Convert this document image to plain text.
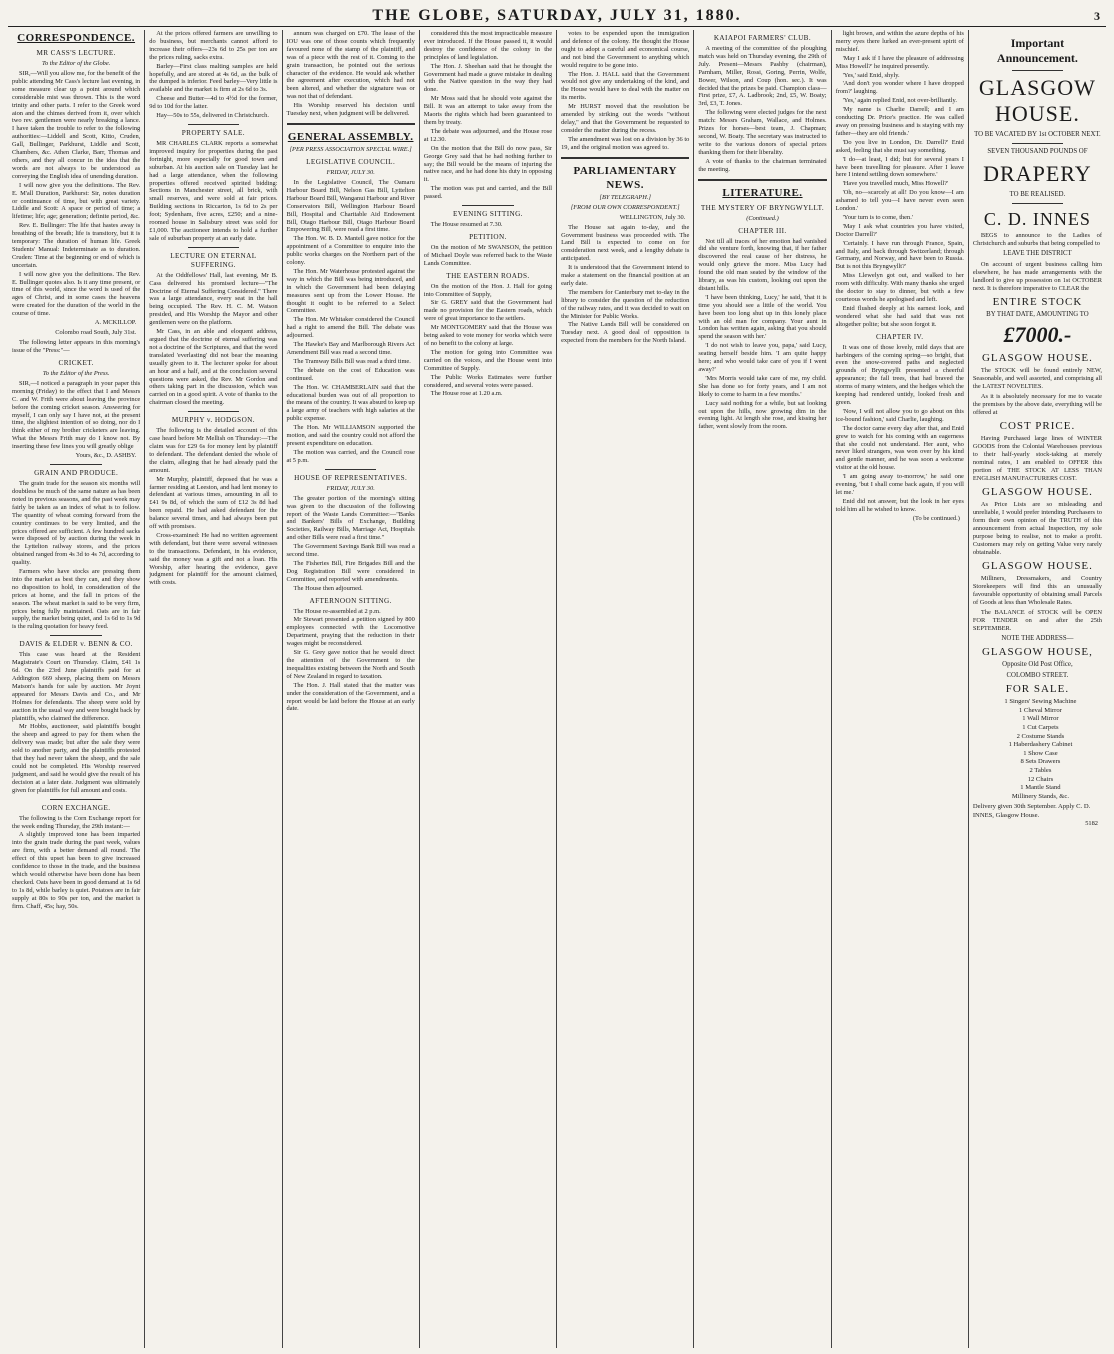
THE GLOBE, SATURDAY, JULY 31, 1880.	3
CORRESPONDENCE.
MR CASS'S LECTURE.
To the Editor of the Globe.

SIR,—Will you allow me, for the benefit of the public attending Mr Cass's lecture last evening, in some measure clear up a point around which considerable mist was thrown. This is the word trinity and other parts. I refer to the Greek word aion and the chimes derived from it, over which two rev. gentlemen were nearly breaking a lance. I have taken the trouble to refer to the following authorities:—Liddell and Scott, Kitto, Cruden, Gall, Bullinger, Parkhurst, Liddle and Scott, Chambers, &c. Athen Clarke, Barr, Thomas and others, and they all concur in the idea that the words are not always to be understood as conveying the English idea of unending duration.

I will now give you the definitions. The Rev. E. M'all Duration, Parkhurst: Sir, notes duration or continuance of time, but with great variety. Liddle and Scott: A space or period of time; a lifetime; life; age; generation; definite period, &c.

Rev. E. Bullinger: The life that hastes away is breathing of the breath; life is transitory, but it is temporary: The duration of human life. Greek Students' Manual: Indeterminate as to duration. Cruden: Time at the beginning or end of which is uncertain.

I will now give you the definitions. The Rev. E. Bullinger quotes also. Is it any time present, or time of this world, since the word is used of the ages of Christ, and in some cases the heavens were created for the duration of the world in the course of time.

A. MCKILLOP.
Colombo road South, July 31st.

The following letter appears in this morning's issue of the "Press:"—

CRICKET.
To the Editor of the Press.

SIR,—I noticed a paragraph in your paper this morning (Friday) to the effect that I and Messrs C. and W. Frith were about leaving the province before the coming cricket season. Answering for myself, I can only say I have not, at the present time, the slightest intention of so doing, nor do I think either of my brother cricketers are leaving. What the Messrs Frith may do I know not. By inserting these few lines you will greatly oblige

Yours, &c., D. ASHBY.
GRAIN AND PRODUCE.

The grain trade for the season six months will doubtless be much of the same nature as has been noted in previous seasons, and the past week may fairly be taken as an index of what is to follow. The quantity of wheat coming forward from the country continues to be very limited, and the prices offered are sufficient. A few hundred sacks were disposed of by auction during the week in the Lyttelton railway stores, and the prices obtained ranged from 4s 3d to 4s 7d, according to quality.

Farmers who have stocks are pressing them into the market as best they can, and they show no disposition to hold, in consideration of the prices at home, and the fall in prices of the season. The wheat market is said to be very firm, prices being fully maintained. Oats are in fair supply, the market being quiet, and 1s 6d to 1s 9d is the ruling quotation for heavy feed.

DAVIS & ELDER v. BENN & CO.

This case was heard at the Resident Magistrate's Court on Thursday. Claim, £41 1s 6d. On the 23rd June plaintiffs paid for at Addington 669 sheep, placing them on Messrs Matson's hands for sale by auction. Mr Joynt appeared for Messrs Davis and Co., and Mr Holmes for defendants. The sheep were sold by auction in the usual way and were bought back by plaintiffs, who claimed the difference.

Mr Hobbs, auctioneer, said plaintiffs bought the sheep and agreed to pay for them when the delivery was made; but after the sale they were sold to another party, and the plaintiffs protested that they had never taken the sheep, and the sale could not be completed. His Worship reserved judgment, and said he would give the result of his decision at a later date. Judgment was ultimately given for plaintiffs for full amount and costs.

CORN EXCHANGE.

The following is the Corn Exchange report for the week ending Thursday, the 29th instant:—

A slightly improved tone has been imparted into the grain trade during the past week, values are firm, with a better demand all round. The effect of this upset has been to give increased confidence to those in the trade, and the business which would otherwise have been done has been checked. Oats have been in good demand at 1s 6d to 1s 8d, while barley is quiet. Potatoes are in fair supply at 80s to 90s per ton, and the market is firm. Chaff, 45s; hay, 50s.

At the prices offered farmers are unwilling to do business, but merchants cannot afford to increase their offers—23s 6d to 25s per ton are the prices ruling, sacks extra.

Barley—First class malting samples are held hopefully, and are stored at 4s 6d, as the bulk of the dumped is inferior. Feed barley—Very little is available and the market is firm at 2s 6d to 3s.

Cheese and Butter—4d to 4½d for the former, 9d to 10d for the latter.

Hay—50s to 55s, delivered in Christchurch.

PROPERTY SALE.

MR CHARLES CLARK reports a somewhat improved inquiry for properties during the past fortnight, more especially for good town and suburban. At his auction sale on Tuesday last he had a large attendance, when the following properties offered received spirited bidding: Sections in Manchester street, all brick, with small reserves, and were sold at fair prices. Building sections in Riccarton, 1s 6d to 2s per foot; Sydenham, five acres, £250; and a nine-roomed house in Salisbury street was sold for £1,000. The auctioneer intends to hold a further sale of suburban property at an early date.

LECTURE ON ETERNAL SUFFERING.

At the Oddfellows' Hall, last evening, Mr B. Cass delivered his promised lecture—"The Doctrine of Eternal Suffering Considered." There was a large attendance, every seat in the hall being occupied. The Rev. H. C. M. Watson presided, and His Worship the Mayor and other gentlemen were on the platform.

Mr Cass, in an able and eloquent address, argued that the doctrine of eternal suffering was not a doctrine of the Scriptures, and that the word translated 'everlasting' did not bear the meaning usually given to it. The lecturer spoke for about an hour and a half, and at the conclusion several questions were asked, the Rev. Mr Gordon and others taking part in the discussion, which was carried on in a good spirit. A vote of thanks to the chairman closed the meeting.

MURPHY v. HODGSON.

The following is the detailed account of this case heard before Mr Mellish on Thursday:—The claim was for £29 6s for money lent by plaintiff to defendant. The defendant denied the whole of the claim, alleging that he had already paid the amount.

Mr Murphy, plaintiff, deposed that he was a farmer residing at Leeston, and had lent money to defendant at various times, amounting in all to £41 9s 8d, of which the sum of £12 3s 8d had been repaid. He had asked defendant for the balance several times, and had always been put off with promises.

Cross-examined: He had no written agreement with defendant, but there were several witnesses to the transactions. Defendant, in his evidence, said the money was a gift and not a loan. His Worship, after hearing the evidence, gave judgment for plaintiff for the amount claimed, with costs.

annum was charged on £70. The lease of the IOU was one of those counts which frequently favoured none of the stamp of the plaintiff, and was of a piece with the rest of it. Coming to the grain transaction, he pointed out the serious character of the evidence. He would ask whether the agreement after execution, which had not been altered, and whether the signature was or was not that of defendant.

His Worship reserved his decision until Tuesday next, when judgment will be delivered.

GENERAL ASSEMBLY.
[PER PRESS ASSOCIATION SPECIAL WIRE.]
LEGISLATIVE COUNCIL.
FRIDAY, JULY 30.

In the Legislative Council, The Oamaru Harbour Board Bill, Nelson Gas Bill, Lyttelton Harbour Board Bill, Wanganui Harbour and River Conservators Bill, Wellington Harbour Board Bill, Hospital and Charitable Aid Endowment Bill, Otago Harbour Bill, Otago Harbour Board Empowering Bill, were read a first time.

The Hon. W. B. D. Mantell gave notice for the appointment of a Committee to enquire into the public works charges on the Northern part of the colony.

The Hon. Mr Waterhouse protested against the way in which the Bill was being introduced, and in which the Government had been delaying measures sent up from the Lower House. He thought it ought to be referred to a Select Committee.

The Hon. Mr Whitaker considered the Council had a right to amend the Bill. The debate was adjourned.

The Hawke's Bay and Marlborough Rivers Act Amendment Bill was read a second time.

The Tramway Bills Bill was read a third time.

The debate on the cost of Education was continued.

The Hon. W. CHAMBERLAIN said that the educational burden was out of all proportion to the means of the country. It was absurd to keep up a large army of teachers with high salaries at the public expense.

The Hon. Mr WILLIAMSON supported the motion, and said the country could not afford the present expenditure on education.

The motion was carried, and the Council rose at 5 p.m.

HOUSE OF REPRESENTATIVES.
FRIDAY, JULY 30.

The greater portion of the morning's sitting was given to the discussion of the following report of the Waste Lands Committee:—"Banks and Bankers' Bills of Exchange, Building Societies, Railway Bills, Marriage Act, Hospitals and other Bills were read a first time."

The Government Savings Bank Bill was read a second time.

The Fisheries Bill, Fire Brigades Bill and the Dog Registration Bill were considered in Committee, and reported with amendments.

The House then adjourned.

AFTERNOON SITTING.

The House re-assembled at 2 p.m.

Mr Stewart presented a petition signed by 800 employees connected with the Locomotive Department, praying that the reduction in their wages might be reconsidered.

Sir G. Grey gave notice that he would direct the attention of the Government to the inequalities existing between the North and South of New Zealand in regard to taxation.

The Hon. J. Hall stated that the matter was under the consideration of the Government, and a report would be laid before the House at an early date.

considered this the most impracticable measure ever introduced. If the House passed it, it would destroy the confidence of the colony in the principles of land legislation.

The Hon. J. Sheehan said that he thought the Government had made a grave mistake in dealing with the Native question in the way they had done.

Mr Moss said that he should vote against the Bill. It was an attempt to take away from the Maoris the rights which had been guaranteed to them by treaty.

The debate was adjourned, and the House rose at 12.30.

On the motion that the Bill do now pass, Sir George Grey said that he had nothing further to say; the Bill would be the means of injuring the native race, and he had done his duty in opposing it.

The motion was put and carried, and the Bill passed.

EVENING SITTING.

The House resumed at 7.30.

PETITION.

On the motion of Mr SWANSON, the petition of Michael Doyle was referred back to the Waste Lands Committee.

THE EASTERN ROADS.

On the motion of the Hon. J. Hall for going into Committee of Supply,

Sir G. GREY said that the Government had made no provision for the Eastern roads, which were of great importance to the settlers.

Mr MONTGOMERY said that the House was being asked to vote money for works which were of no benefit to the colony at large.

The motion for going into Committee was carried on the voices, and the House went into Committee of Supply.

The Public Works Estimates were further considered, and several votes were passed.

The House rose at 1.20 a.m.

votes to be expended upon the immigration and defence of the colony. He thought the House ought to adopt a careful and economical course, and not bind the Government to anything which would require to be gone into.

The Hon. J. HALL said that the Government would not give any undertaking of the kind, and the House would have to deal with the matter on its merits.

Mr HURST moved that the resolution be amended by striking out the words "without delay," and that the Government be requested to consider the matter during the recess.

The amendment was lost on a division by 36 to 19, and the original motion was agreed to.

PARLIAMENTARY NEWS.
[BY TELEGRAPH.]
[FROM OUR OWN CORRESPONDENT.]
WELLINGTON, July 30.

The House sat again to-day, and the Government business was proceeded with. The Land Bill is expected to come on for consideration next week, and a lengthy debate is anticipated.

It is understood that the Government intend to make a statement on the financial position at an early date.

The members for Canterbury met to-day in the library to consider the question of the reduction of the railway rates, and it was decided to wait on the Minister for Public Works.

The Native Lands Bill will be considered on Tuesday next. A good deal of opposition is expected from the members for the North Island.

KAIAPOI FARMERS' CLUB.

A meeting of the committee of the ploughing match was held on Thursday evening, the 29th of July. Present—Messrs Pashby (chairman), Parnham, Miller, Rossi, Goring, Perrin, Wolfe, Bower, Wilson, and Coup (hon. sec.). It was decided that the prizes be paid. Champion class—First prize, £7, A. Ladbrook; 2nd, £5, W. Boaty; 3rd, £3, T. Jones.

The following were elected judges for the next match: Messrs Graham, Wallace, and Holmes. Prizes for horses—best team, J. Chapman; second, W. Boaty. The secretary was instructed to write to the various donors of special prizes thanking them for their liberality.

A vote of thanks to the chairman terminated the meeting.

LITERATURE.
THE MYSTERY OF BRYNGWYLLT.
(Continued.)
CHAPTER III.

Not till all traces of her emotion had vanished did she venture forth, knowing that, if her father discovered the real cause of her distress, he would only grieve the more. Miss Lucy had found the old man seated by the window of the library, as was his custom, looking out upon the distant hills.

'I have been thinking, Lucy,' he said, 'that it is time you should see a little of the world. You have been too long shut up in this lonely place with an old man for company. Your aunt in London has written again, asking that you should spend the season with her.'

'I do not wish to leave you, papa,' said Lucy, seating herself beside him. 'I am quite happy here; and who would take care of you if I went away?'

'Mrs Morris would take care of me, my child. She has done so for forty years, and I am not likely to come to harm in a few months.'

Lucy said nothing for a while, but sat looking out upon the hills, now growing dim in the evening light. At length she rose, and kissing her father, went slowly from the room.

light brown, and within the azure depths of his merry eyes there lurked an ever-present spirit of mischief.

'May I ask if I have the pleasure of addressing Miss Howell?' he inquired presently.

'Yes,' said Enid, shyly.

'And don't you wonder where I have dropped from?' laughing.

'Yes,' again replied Enid, not over-brilliantly.

'My name is Charlie Darrell; and I am conducting Dr. Price's practice. He was called away on pressing business and is staying with my father—they are old friends.'

'Do you live in London, Dr. Darrell?' Enid asked, feeling that she must say something.

'I do—at least, I did; but for several years I have been travelling for pleasure. After I leave here I intend settling down somewhere.'

'Have you travelled much, Miss Howell?'

'Oh, no—scarcely at all! Do you know—I am ashamed to tell you—I have never even seen London.'

'Your turn is to come, then.'

'May I ask what countries you have visited, Doctor Darrell?'

'Certainly. I have run through France, Spain, and Italy, and back through Switzerland; through Germany, and Norway, and have been to Russia. But is not this Bryngwyllt?'

Miss Llewelyn got out, and walked to her room with difficulty. With many thanks she urged the doctor to stay to dinner, but with a few courteous words he apologised and left.

Enid flushed deeply at his earnest look, and wondered what she had said that was not altogether polite; but she soon forgot it.

CHAPTER IV.

It was one of those lovely, mild days that are harbingers of the coming spring—so bright, that even the snow-covered paths and neglected grounds of Bryngwyllt presented a cheerful appearance; the fall trees, that had braved the storms of many winters, and the hedges which the keeping had rendered untidy, looked fresh and green.

'Now, I will not allow you to go about on this ice-bound fashion,' said Charlie, laughing.

The doctor came every day after that, and Enid grew to watch for his coming with an eagerness that she could not understand. Her aunt, who never liked strangers, was won over by his kind and gentle manner, and he was soon a welcome visitor at the old house.

'I am going away to-morrow,' he said one evening, 'but I shall come back again, if you will let me.'

Enid did not answer, but the look in her eyes told him all he wished to know.

(To be continued.)
Important Announcement.
GLASGOW HOUSE.
TO BE VACATED BY 1st OCTOBER NEXT.
SEVEN THOUSAND POUNDS OF
DRAPERY
TO BE REALISED.
C. D. INNES
BEGS to announce to the Ladies of Christchurch and suburbs that being compelled to
LEAVE THE DISTRICT
On account of urgent business calling him elsewhere, he has made arrangements with the landlord to give up possession on 1st OCTOBER next. It is therefore imperative to CLEAR the
ENTIRE STOCK
BY THAT DATE, AMOUNTING TO
£7000.-
GLASGOW HOUSE.
The STOCK will be found entirely NEW, Seasonable, and well assorted, and comprising all the LATEST NOVELTIES.
As it is absolutely necessary for me to vacate the premises by the above date, everything will be offered at
COST PRICE.
Having Purchased large lines of WINTER GOODS from the Colonial Warehouses previous to their half-yearly stock-taking at merely nominal rates, I am enabled to OFFER this portion of THE STOCK AT LESS THAN ENGLISH MANUFACTURERS COST.
GLASGOW HOUSE.
As Price Lists are so misleading and unreliable, I would prefer intending Purchasers to form their own opinion of the TRUTH of this announcement from actual Inspection, my sole purpose being to realise, not to make a profit. Customers may rely on getting Value very rarely obtainable.
GLASGOW HOUSE.
Milliners, Dressmakers, and Country Storekeepers will find this an unusually favourable opportunity of obtaining small Parcels of Goods at less than Wholesale Rates.
The BALANCE of STOCK will be OPEN FOR TENDER on and after the 25th SEPTEMBER.
NOTE THE ADDRESS—
GLASGOW HOUSE,
Opposite Old Post Office,
COLOMBO STREET.
FOR SALE.
1 Singers' Sewing Machine
1 Cheval Mirror
1 Wall Mirror
1 Cut Carpets
2 Costume Stands
1 Haberdashery Cabinet
1 Show Case
8 Sets Drawers
2 Tables
12 Chairs
1 Mantle Stand
Millinery Stands, &c.
Delivery given 30th September. Apply C. D. INNES, Glasgow House.
5182
